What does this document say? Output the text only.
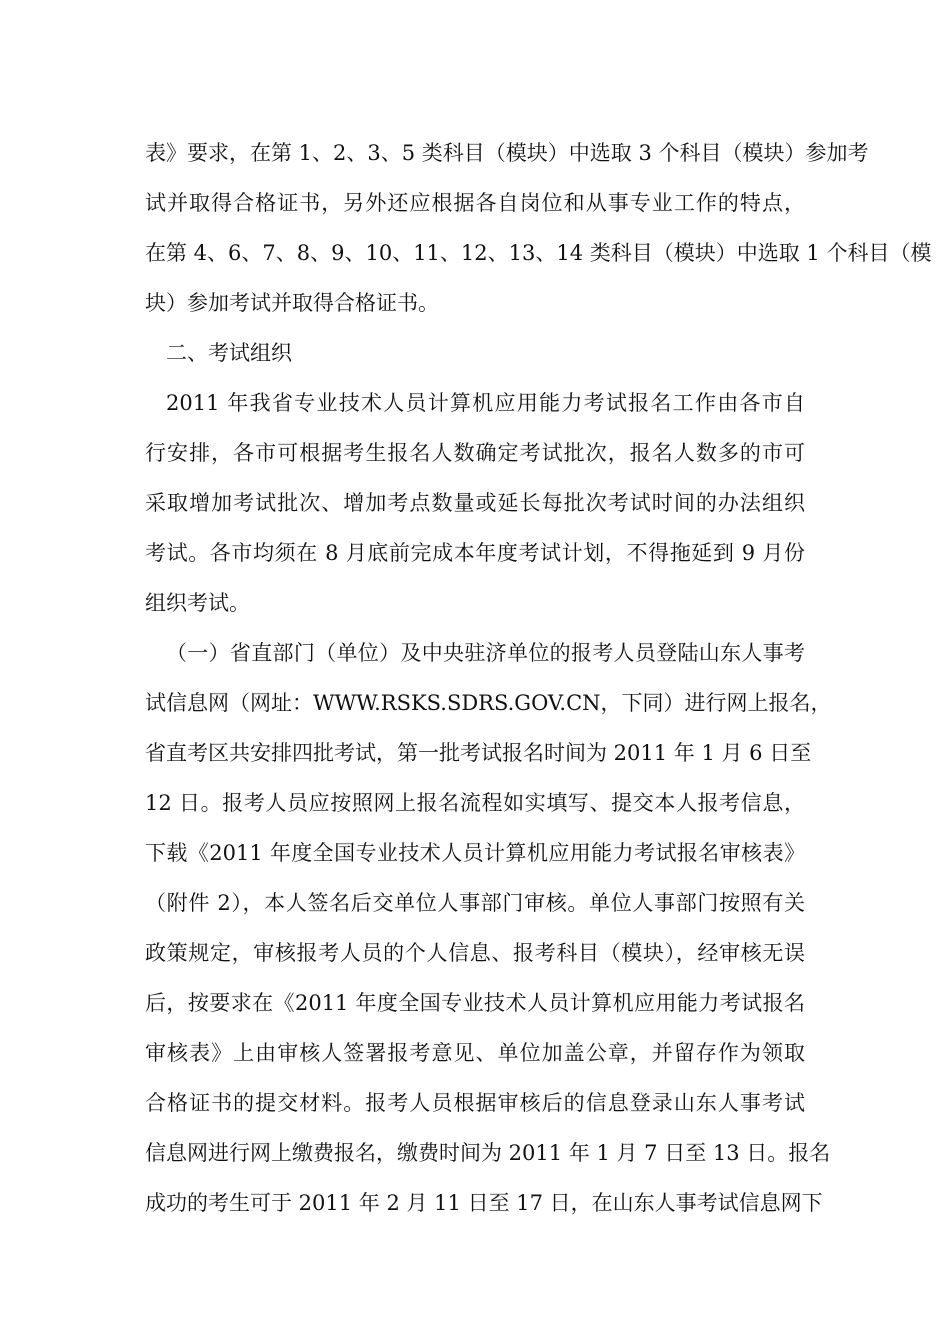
表》要求，在第 1、2、3、5 类科目（模块）中选取 3 个科目（模块）参加考
试并取得合格证书，另外还应根据各自岗位和从事专业工作的特点，
在第 4、6、7、8、9、10、11、12、13、14 类科目（模块）中选取 1 个科目（模
块）参加考试并取得合格证书。
二、考试组织
2011 年我省专业技术人员计算机应用能力考试报名工作由各市自
行安排，各市可根据考生报名人数确定考试批次，报名人数多的市可
采取增加考试批次、增加考点数量或延长每批次考试时间的办法组织
考试。各市均须在 8 月底前完成本年度考试计划，不得拖延到 9 月份
组织考试。
（一）省直部门（单位）及中央驻济单位的报考人员登陆山东人事考
试信息网（网址：WWW.RSKS.SDRS.GOV.CN，下同）进行网上报名，
省直考区共安排四批考试，第一批考试报名时间为 2011 年 1 月 6 日至
12 日。报考人员应按照网上报名流程如实填写、提交本人报考信息，
下载《2011 年度全国专业技术人员计算机应用能力考试报名审核表》
（附件 2），本人签名后交单位人事部门审核。单位人事部门按照有关
政策规定，审核报考人员的个人信息、报考科目（模块），经审核无误
后，按要求在《2011 年度全国专业技术人员计算机应用能力考试报名
审核表》上由审核人签署报考意见、单位加盖公章，并留存作为领取
合格证书的提交材料。报考人员根据审核后的信息登录山东人事考试
信息网进行网上缴费报名，缴费时间为 2011 年 1 月 7 日至 13 日。报名
成功的考生可于 2011 年 2 月 11 日至 17 日，在山东人事考试信息网下
